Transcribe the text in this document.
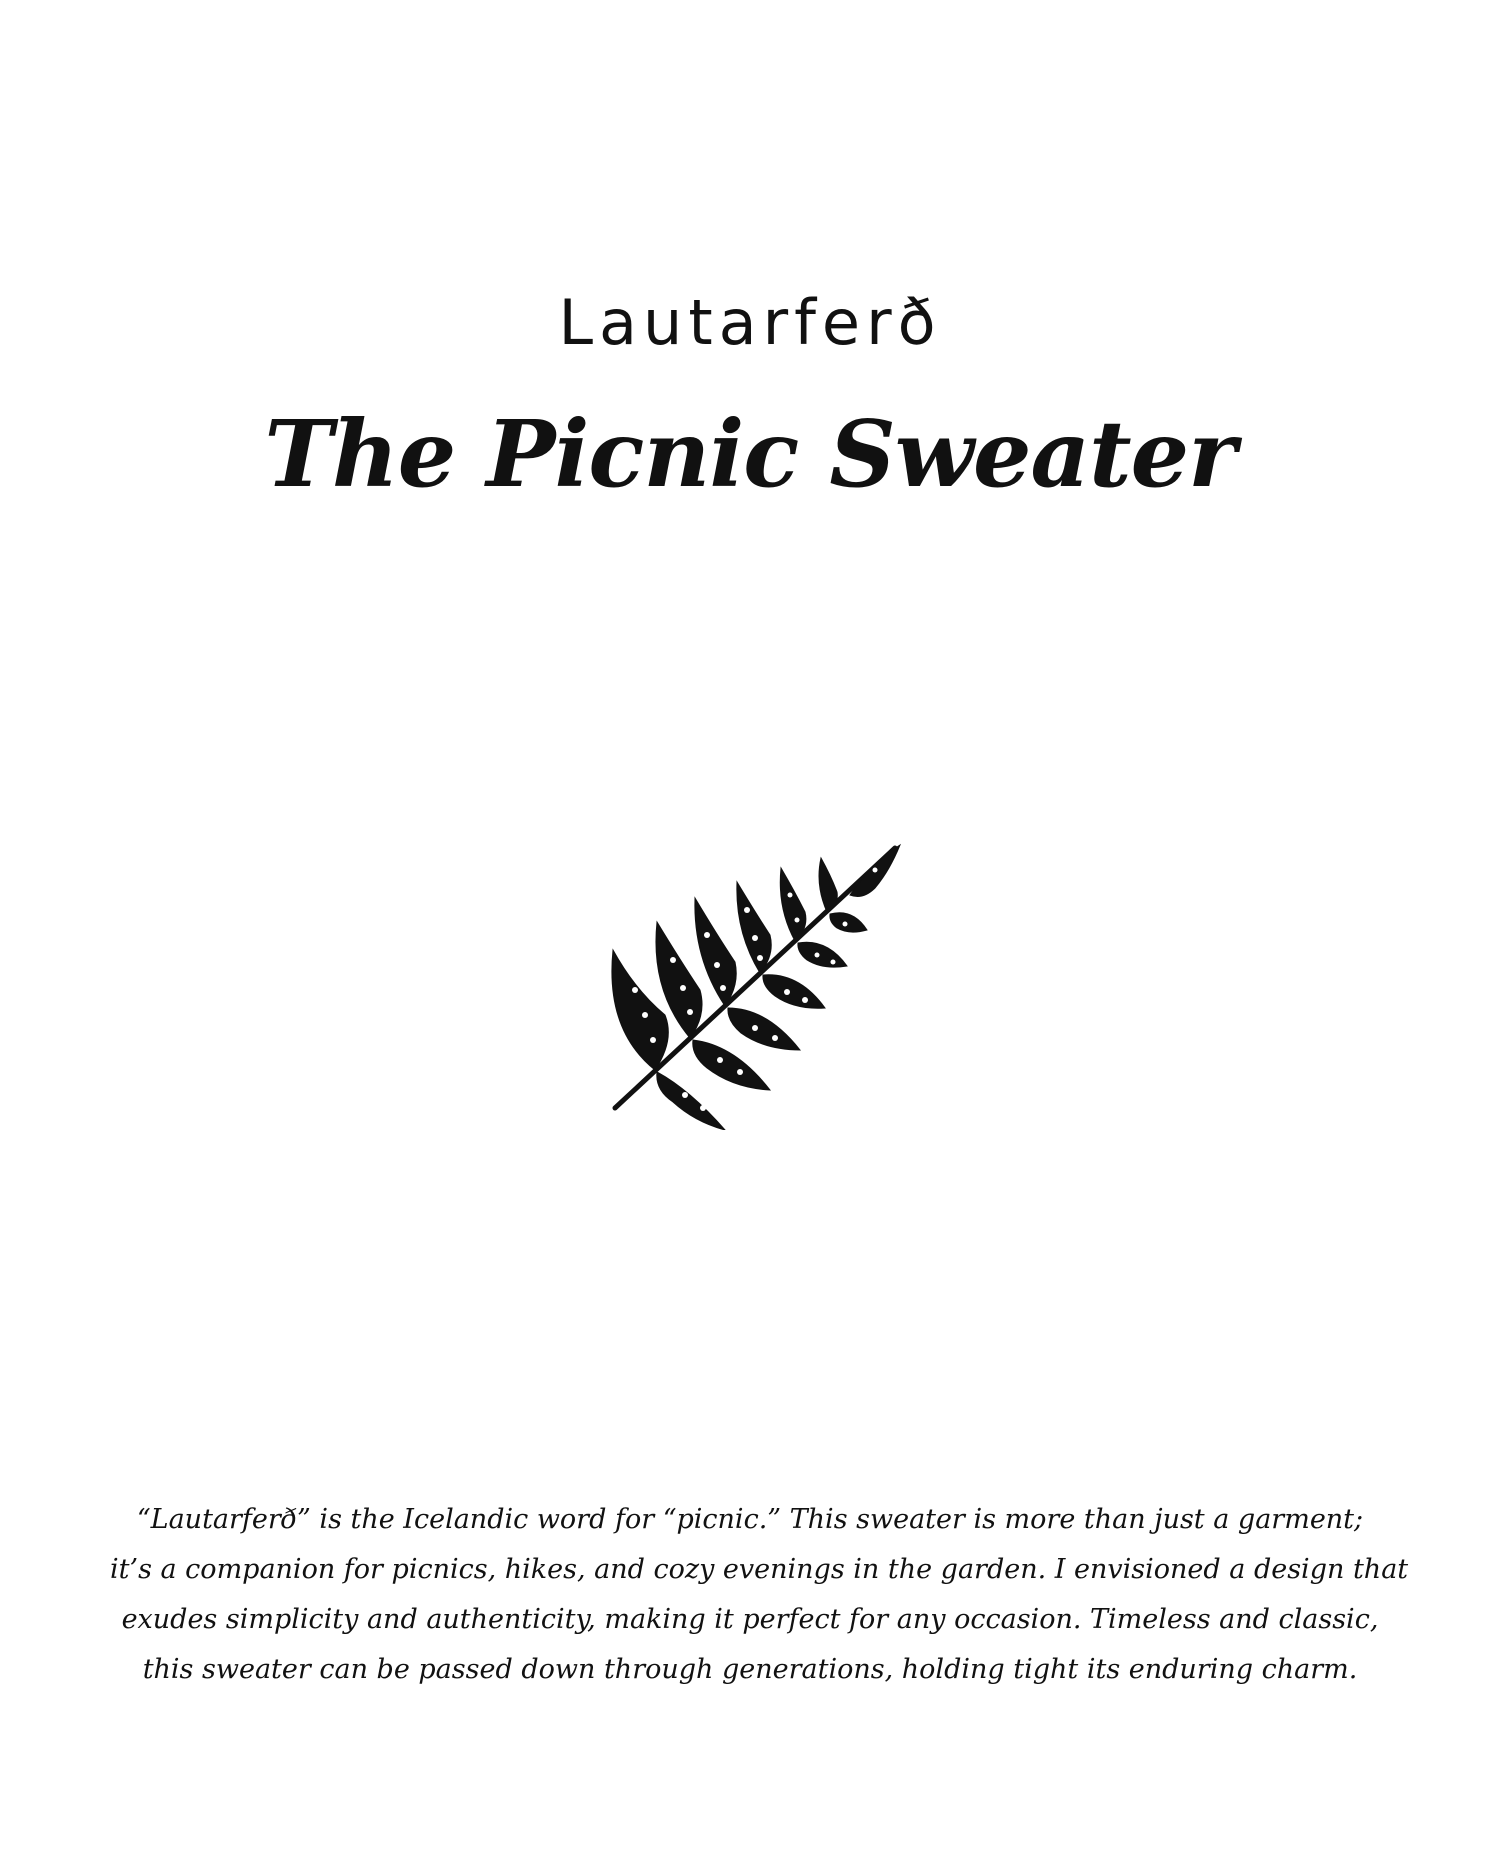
Lautarferð
The Picnic Sweater
“Lautarferð” is the Icelandic word for “picnic.” This sweater is more than just a garment;
it’s a companion for picnics, hikes, and cozy evenings in the garden. I envisioned a design that
exudes simplicity and authenticity, making it perfect for any occasion. Timeless and classic,
this sweater can be passed down through generations, holding tight its enduring charm.
